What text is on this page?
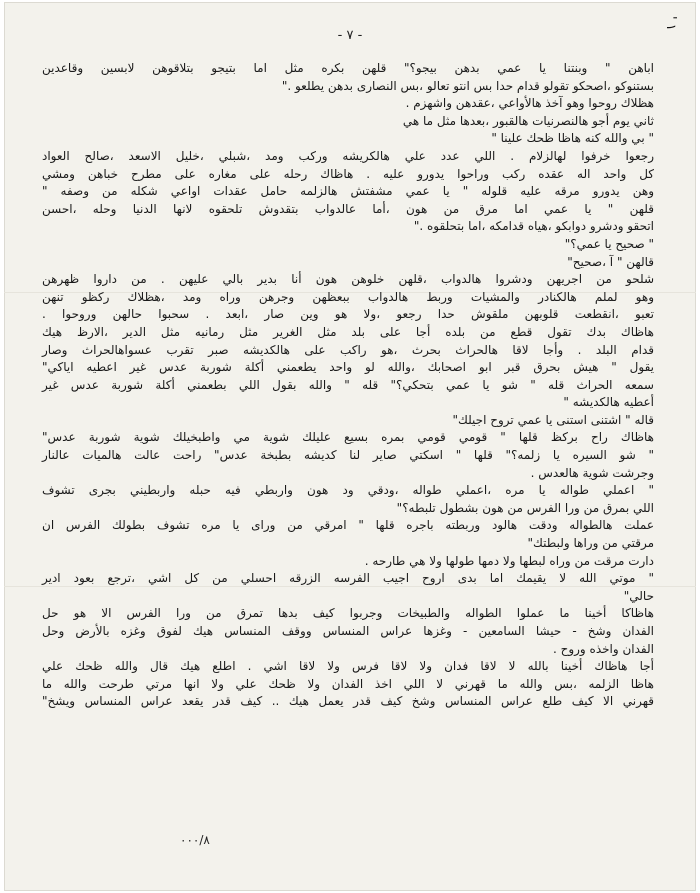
- ٧ -
' ١
اباهن " وبنتنا يا عمي بدهن بيجو؟" قلهن بكره مثل اما بتيجو بتلاقوهن لابسين وقاعدين
بستنوكو ،اصحكو تقولو قدام حدا بس انتو تعالو ،بس النصارى بدهن يطلعو ."
هظلاك روحوا وهو آخذ هالأواعي ،عقدهن واشهزم .
ثاني يوم أجو هالنصرنيات هالقبور ،بعدها مثل ما هي
" بي والله كنه هاظا ظحك علينا "
رجعوا خرفوا لهالزلام . اللي عدد علي هالكريشه وركب ومد ،شبلي ،خليل الاسعد ،صالح العواد
كل واحد اله عقده ركب وراحوا يدورو عليه . هاظاك رحله على مغاره على مطرح خباهن ومشي
وهن يدورو مرقه عليه قلوله " يا عمي مشفتش هالزلمه حامل عقدات اواعي شكله من وصفه "
قلهن " يا عمي اما مرق من هون ،أما عالدواب بتقدوش تلحقوه لانها الدنيا وحله ،احسن
اتحقو ودشرو دوابكو ،هياه قدامكه ،اما بتحلقوه ."
" صحيح يا عمي؟"
قالهن " آ ،صحيح"
شلحو من اجريهن ودشروا هالدواب ،قلهن خلوهن هون أنا بدير بالي عليهن . من داروا ظهرهن
وهو لملم هالكنادر والمشيات وربط هالدواب ببعظهن وجرهن وراه ومد ،هظلاك ركظو تنهن
تعبو ،انقطعت قلوبهن ملقوش حدا رجعو ،ولا هو وين صار ،ابعد . سحبوا حالهن وروحوا .
هاظاك بدك تقول قطع من بلده أجا على بلد مثل الغرير مثل رمانيه مثل الدير ،الارظ هيك
قدام البلد . وأجا لاقا هالحراث بحرث ،هو راكب على هالكديشه صبر تقرب عسواهالحراث وصار
يقول " هيش بحرق قبر ابو اصحابك ،والله لو واحد يطعمني أكلة شوربة عدس غير اعطيه اياكي"
سمعه الحراث قله " شو يا عمي بتحكي؟" قله " والله بقول اللي بطعمني أكلة شوربة عدس غير
أعطيه هالكديشه "
قاله " اشتنى استنى يا عمي تروح اجيلك"
هاظاك راح بركظ قلها " قومي قومي بمره بسيع عليلك شوية مي واطبخيلك شوية شوربة عدس"
" شو السيره يا زلمه؟" قلها " اسكتي صاير لنا كديشه بطبخة عدس" راحت عالت هالميات عالنار
وجرشت شوية هالعدس .
" اعملي طواله يا مره ،اعملي طواله ،ودقي ود هون واربطي فيه حبله واربطيني بجرى تشوف
اللي بمرق من ورا الفرس من هون بشطول تلبطه؟"
عملت هالطواله ودقت هالود وربطته باجره قلها " امرقي من وراى يا مره تشوف بطولك الفرس ان
مرقتي من وراها ولبطتك"
دارت مرقت من وراه لبطها ولا دمها طولها ولا هي طارحه .
" موتي الله لا يقيمك اما بدى اروح اجيب الفرسه الزرقه احسلي من كل اشي ،ترجع بعود ادير
حالي"
هاظاكا أخينا ما عملوا الطواله والطبيخات وجربوا كيف بدها تمرق من ورا الفرس الا هو حل
الفدان وشخ - حيشا السامعين - وغزها عراس المنساس ووقف المنساس هيك لفوق وغزه بالأرض وحل
الفدان واخذه وروح .
أجا هاظاك أخينا بالله لا لاقا فدان ولا لاقا فرس ولا لاقا اشي . اطلع هيك قال والله ظحك علي
هاظا الزلمه ،بس والله ما قهرني لا اللي اخذ الفدان ولا ظحك علي ولا انها مرتي طرحت والله ما
قهرني الا كيف طلع عراس المنساس وشخ كيف قدر يعمل هيك .. كيف قدر يقعد عراس المنساس ويشخ"
٠٠٠/٨
